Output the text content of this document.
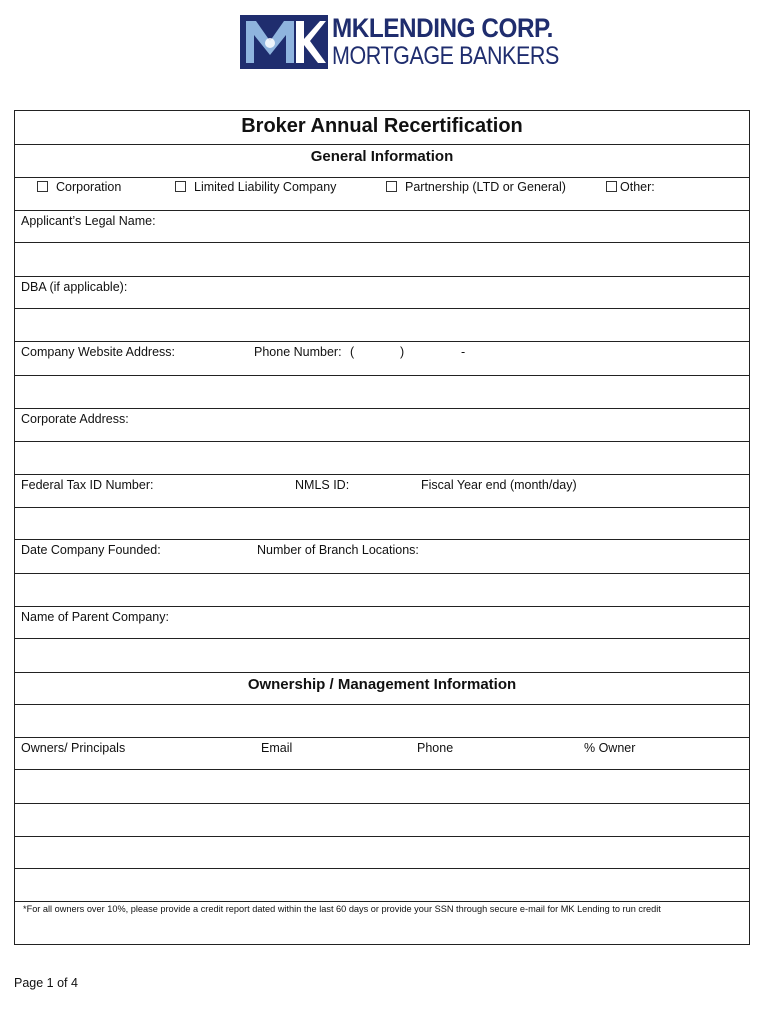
MKLENDING CORP.
MORTGAGE BANKERS
Broker Annual Recertification
General Information
Corporation	Limited Liability Company	Partnership (LTD or General)	Other:
Applicant’s Legal Name:
DBA (if applicable):
Company Website Address:	Phone Number: (	)	-
Corporate Address:
Federal Tax ID Number:	NMLS ID:	Fiscal Year end (month/day)
Date Company Founded:	Number of Branch Locations:
Name of Parent Company:
Ownership / Management Information
Owners/ Principals	Email	Phone	% Owner
*For all owners over 10%, please provide a credit report dated within the last 60 days or provide your SSN through secure e-mail for MK Lending to run credit
Page 1 of 4
